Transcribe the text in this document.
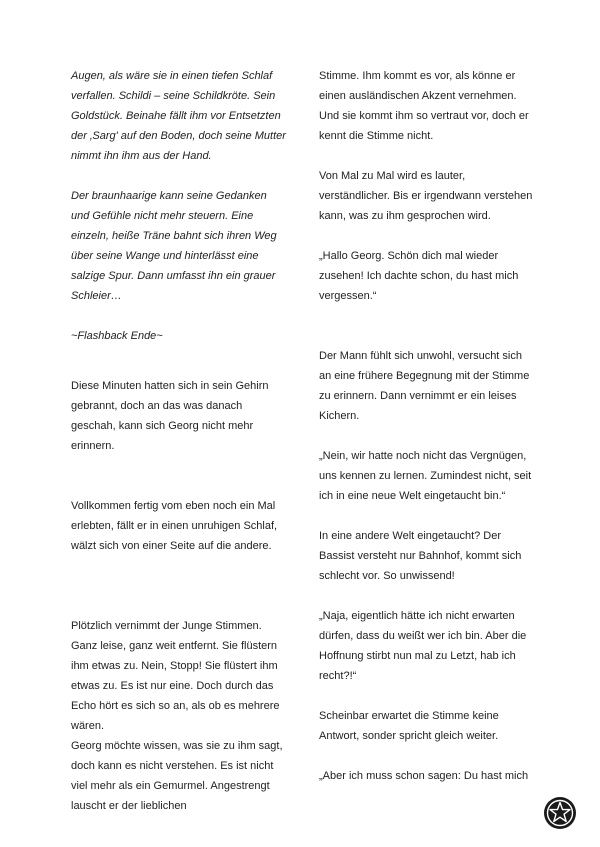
Augen, als wäre sie in einen tiefen Schlaf verfallen. Schildi – seine Schildkröte. Sein Goldstück. Beinahe fällt ihm vor Entsetzten der ‚Sarg' auf den Boden, doch seine Mutter nimmt ihn ihm aus der Hand.

Der braunhaarige kann seine Gedanken und Gefühle nicht mehr steuern. Eine einzeln, heiße Träne bahnt sich ihren Weg über seine Wange und hinterlässt eine salzige Spur. Dann umfasst ihn ein grauer Schleier…

~Flashback Ende~

Diese Minuten hatten sich in sein Gehirn gebrannt, doch an das was danach geschah, kann sich Georg nicht mehr erinnern.

Vollkommen fertig vom eben noch ein Mal erlebten, fällt er in einen unruhigen Schlaf, wälzt sich von einer Seite auf die andere.

Plötzlich vernimmt der Junge Stimmen. Ganz leise, ganz weit entfernt. Sie flüstern ihm etwas zu. Nein, Stopp! Sie flüstert ihm etwas zu. Es ist nur eine. Doch durch das Echo hört es sich so an, als ob es mehrere wären.

Georg möchte wissen, was sie zu ihm sagt, doch kann es nicht verstehen. Es ist nicht viel mehr als ein Gemurmel. Angestrengt lauscht er der lieblichen

Stimme. Ihm kommt es vor, als könne er einen ausländischen Akzent vernehmen. Und sie kommt ihm so vertraut vor, doch er kennt die Stimme nicht.

Von Mal zu Mal wird es lauter, verständlicher. Bis er irgendwann verstehen kann, was zu ihm gesprochen wird.

„Hallo Georg. Schön dich mal wieder zusehen! Ich dachte schon, du hast mich vergessen.“

Der Mann fühlt sich unwohl, versucht sich an eine frühere Begegnung mit der Stimme zu erinnern. Dann vernimmt er ein leises Kichern.

„Nein, wir hatte noch nicht das Vergnügen, uns kennen zu lernen. Zumindest nicht, seit ich in eine neue Welt eingetaucht bin.“

In eine andere Welt eingetaucht? Der Bassist versteht nur Bahnhof, kommt sich schlecht vor. So unwissend!

„Naja, eigentlich hätte ich nicht erwarten dürfen, dass du weißt wer ich bin. Aber die Hoffnung stirbt nun mal zu Letzt, hab ich recht?!“

Scheinbar erwartet die Stimme keine Antwort, sonder spricht gleich weiter.

„Aber ich muss schon sagen: Du hast mich
